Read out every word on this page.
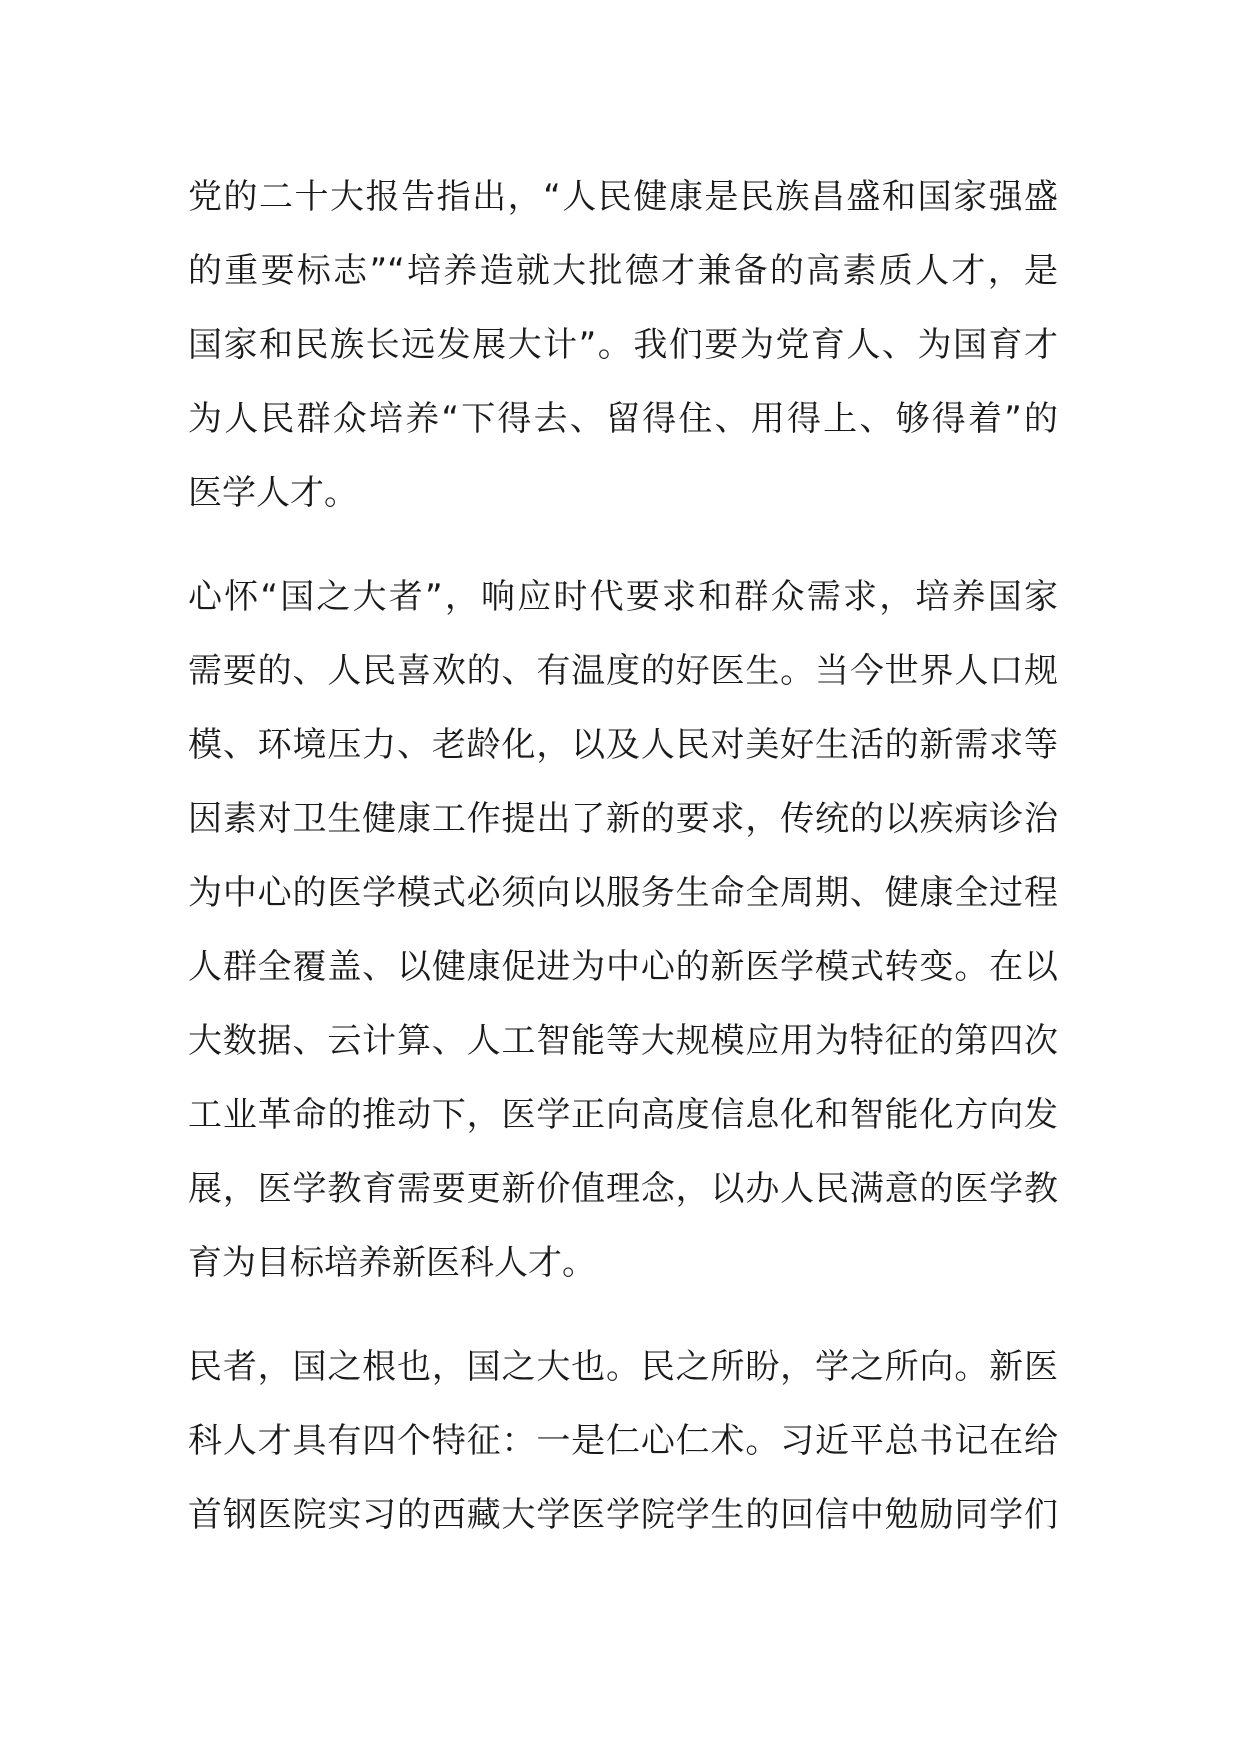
党的二十大报告指出，“人民健康是民族昌盛和国家强盛
的重要标志”“培养造就大批德才兼备的高素质人才，是
国家和民族长远发展大计”。我们要为党育人、为国育才
为人民群众培养“下得去、留得住、用得上、够得着”的
医学人才。
心怀“国之大者”，响应时代要求和群众需求，培养国家
需要的、人民喜欢的、有温度的好医生。当今世界人口规
模、环境压力、老龄化，以及人民对美好生活的新需求等
因素对卫生健康工作提出了新的要求，传统的以疾病诊治
为中心的医学模式必须向以服务生命全周期、健康全过程
人群全覆盖、以健康促进为中心的新医学模式转变。在以
大数据、云计算、人工智能等大规模应用为特征的第四次
工业革命的推动下，医学正向高度信息化和智能化方向发
展，医学教育需要更新价值理念，以办人民满意的医学教
育为目标培养新医科人才。
民者，国之根也，国之大也。民之所盼，学之所向。新医
科人才具有四个特征：一是仁心仁术。习近平总书记在给
首钢医院实习的西藏大学医学院学生的回信中勉励同学们
